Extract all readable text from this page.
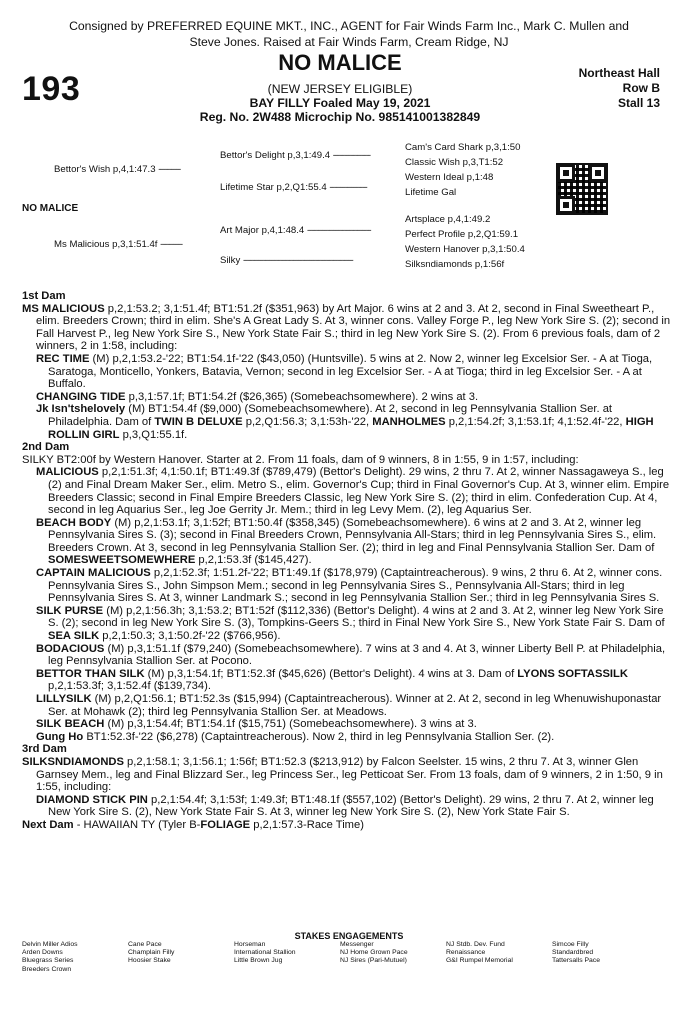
Consigned by PREFERRED EQUINE MKT., INC., AGENT for Fair Winds Farm Inc., Mark C. Mullen and
Steve Jones. Raised at Fair Winds Farm, Cream Ridge, NJ
193
NO MALICE
(NEW JERSEY ELIGIBLE)
BAY FILLY Foaled May 19, 2021
Reg. No. 2W488 Microchip No. 985141001382849
Northeast Hall
Row B
Stall 13
Bettor's Wish p,4,1:47.3 ----------
NO MALICE
Ms Malicious p,3,1:51.4f ----------
Bettor's Delight p,3,1:49.4 -----------------
Lifetime Star p,2,Q1:55.4 -----------------
Art Major p,4,1:48.4 -----------------------------
Silky --------------------------------------------------
Cam's Card Shark p,3,1:50
Classic Wish p,3,T1:52
Western Ideal p,1:48
Lifetime Gal
Artsplace p,4,1:49.2
Perfect Profile p,2,Q1:59.1
Western Hanover p,3,1:50.4
Silksndiamonds p,1:56f

1st Dam

MS MALICIOUS p,2,1:53.2; 3,1:51.4f; BT1:51.2f ($351,963) by Art Major. 6 wins at 2 and 3. At 2, second in Final Sweetheart P., elim. Breeders Crown; third in elim. She's A Great Lady S. At 3, winner cons. Valley Forge P., leg New York Sire S. (2); second in Fall Harvest P., leg New York Sire S., New York State Fair S.; third in leg New York Sire S. (2). From 6 previous foals, dam of 2 winners, 2 in 1:58, including:

REC TIME (M) p,2,1:53.2-'22; BT1:54.1f-'22 ($43,050) (Huntsville). 5 wins at 2. Now 2, winner leg Excelsior Ser. - A at Tioga, Saratoga, Monticello, Yonkers, Batavia, Vernon; second in leg Excelsior Ser. - A at Tioga; third in leg Excelsior Ser. - A at Buffalo.

CHANGING TIDE p,3,1:57.1f; BT1:54.2f ($26,365) (Somebeachsomewhere). 2 wins at 3.

Jk Isn'tshelovely (M) BT1:54.4f ($9,000) (Somebeachsomewhere). At 2, second in leg Pennsylvania Stallion Ser. at Philadelphia. Dam of TWIN B DELUXE p,2,Q1:56.3; 3,1:53h-'22, MANHOLMES p,2,1:54.2f; 3,1:53.1f; 4,1:52.4f-'22, HIGH ROLLIN GIRL p,3,Q1:55.1f.

2nd Dam

SILKY BT2:00f by Western Hanover. Starter at 2. From 11 foals, dam of 9 winners, 8 in 1:55, 9 in 1:57, including:

MALICIOUS p,2,1:51.3f; 4,1:50.1f; BT1:49.3f ($789,479) (Bettor's Delight). 29 wins, 2 thru 7. At 2, winner Nassagaweya S., leg (2) and Final Dream Maker Ser., elim. Metro S., elim. Governor's Cup; third in Final Governor's Cup. At 3, winner elim. Empire Breeders Classic; second in Final Empire Breeders Classic, leg New York Sire S. (2); third in elim. Confederation Cup. At 4, second in leg Aquarius Ser., leg Joe Gerrity Jr. Mem.; third in leg Levy Mem. (2), leg Aquarius Ser.

BEACH BODY (M) p,2,1:53.1f; 3,1:52f; BT1:50.4f ($358,345) (Somebeachsomewhere). 6 wins at 2 and 3. At 2, winner leg Pennsylvania Sires S. (3); second in Final Breeders Crown, Pennsylvania All-Stars; third in leg Pennsylvania Sires S., elim. Breeders Crown. At 3, second in leg Pennsylvania Stallion Ser. (2); third in leg and Final Pennsylvania Stallion Ser. Dam of SOMESWEETSOMEWHERE p,2,1:53.3f ($145,427).

CAPTAIN MALICIOUS p,2,1:52.3f; 1:51.2f-'22; BT1:49.1f ($178,979) (Captaintreacherous). 9 wins, 2 thru 6. At 2, winner cons. Pennsylvania Sires S., John Simpson Mem.; second in leg Pennsylvania Sires S., Pennsylvania All-Stars; third in leg Pennsylvania Sires S. At 3, winner Landmark S.; second in leg Pennsylvania Stallion Ser.; third in leg Pennsylvania Sires S.

SILK PURSE (M) p,2,1:56.3h; 3,1:53.2; BT1:52f ($112,336) (Bettor's Delight). 4 wins at 2 and 3. At 2, winner leg New York Sire S. (2); second in leg New York Sire S. (3), Tompkins-Geers S.; third in Final New York Sire S., New York State Fair S. Dam of SEA SILK p,2,1:50.3; 3,1:50.2f-'22 ($766,956).

BODACIOUS (M) p,3,1:51.1f ($79,240) (Somebeachsomewhere). 7 wins at 3 and 4. At 3, winner Liberty Bell P. at Philadelphia, leg Pennsylvania Stallion Ser. at Pocono.

BETTOR THAN SILK (M) p,3,1:54.1f; BT1:52.3f ($45,626) (Bettor's Delight). 4 wins at 3. Dam of LYONS SOFTASSILK p,2,1:53.3f; 3,1:52.4f ($139,734).

LILLYSILK (M) p,2,Q1:56.1; BT1:52.3s ($15,994) (Captaintreacherous). Winner at 2. At 2, second in leg Whenuwishuponastar Ser. at Mohawk (2); third leg Pennsylvania Stallion Ser. at Meadows.

SILK BEACH (M) p,3,1:54.4f; BT1:54.1f ($15,751) (Somebeachsomewhere). 3 wins at 3.

Gung Ho BT1:52.3f-'22 ($6,278) (Captaintreacherous). Now 2, third in leg Pennsylvania Stallion Ser. (2).

3rd Dam

SILKSNDIAMONDS p,2,1:58.1; 3,1:56.1; 1:56f; BT1:52.3 ($213,912) by Falcon Seelster. 15 wins, 2 thru 7. At 3, winner Glen Garnsey Mem., leg and Final Blizzard Ser., leg Princess Ser., leg Petticoat Ser. From 13 foals, dam of 9 winners, 2 in 1:50, 9 in 1:55, including:

DIAMOND STICK PIN p,2,1:54.4f; 3,1:53f; 1:49.3f; BT1:48.1f ($557,102) (Bettor's Delight). 29 wins, 2 thru 7. At 2, winner leg New York Sire S. (2), New York State Fair S. At 3, winner leg New York Sire S. (2), New York State Fair S.

Next Dam - HAWAIIAN TY (Tyler B-FOLIAGE p,2,1:57.3-Race Time)

STAKES ENGAGEMENTS
Delvin Miller Adios
Arden Downs
Bluegrass Series
Breeders Crown
Cane Pace
Champlain Filly
Hoosier Stake
Horseman
International Stallion
Little Brown Jug
Messenger
NJ Home Grown Pace
NJ Sires (Pari-Mutuel)
NJ Stdb. Dev. Fund
Renaissance
G&I Rumpel Memorial
Simcoe Filly
Standardbred
Tattersalls Pace
